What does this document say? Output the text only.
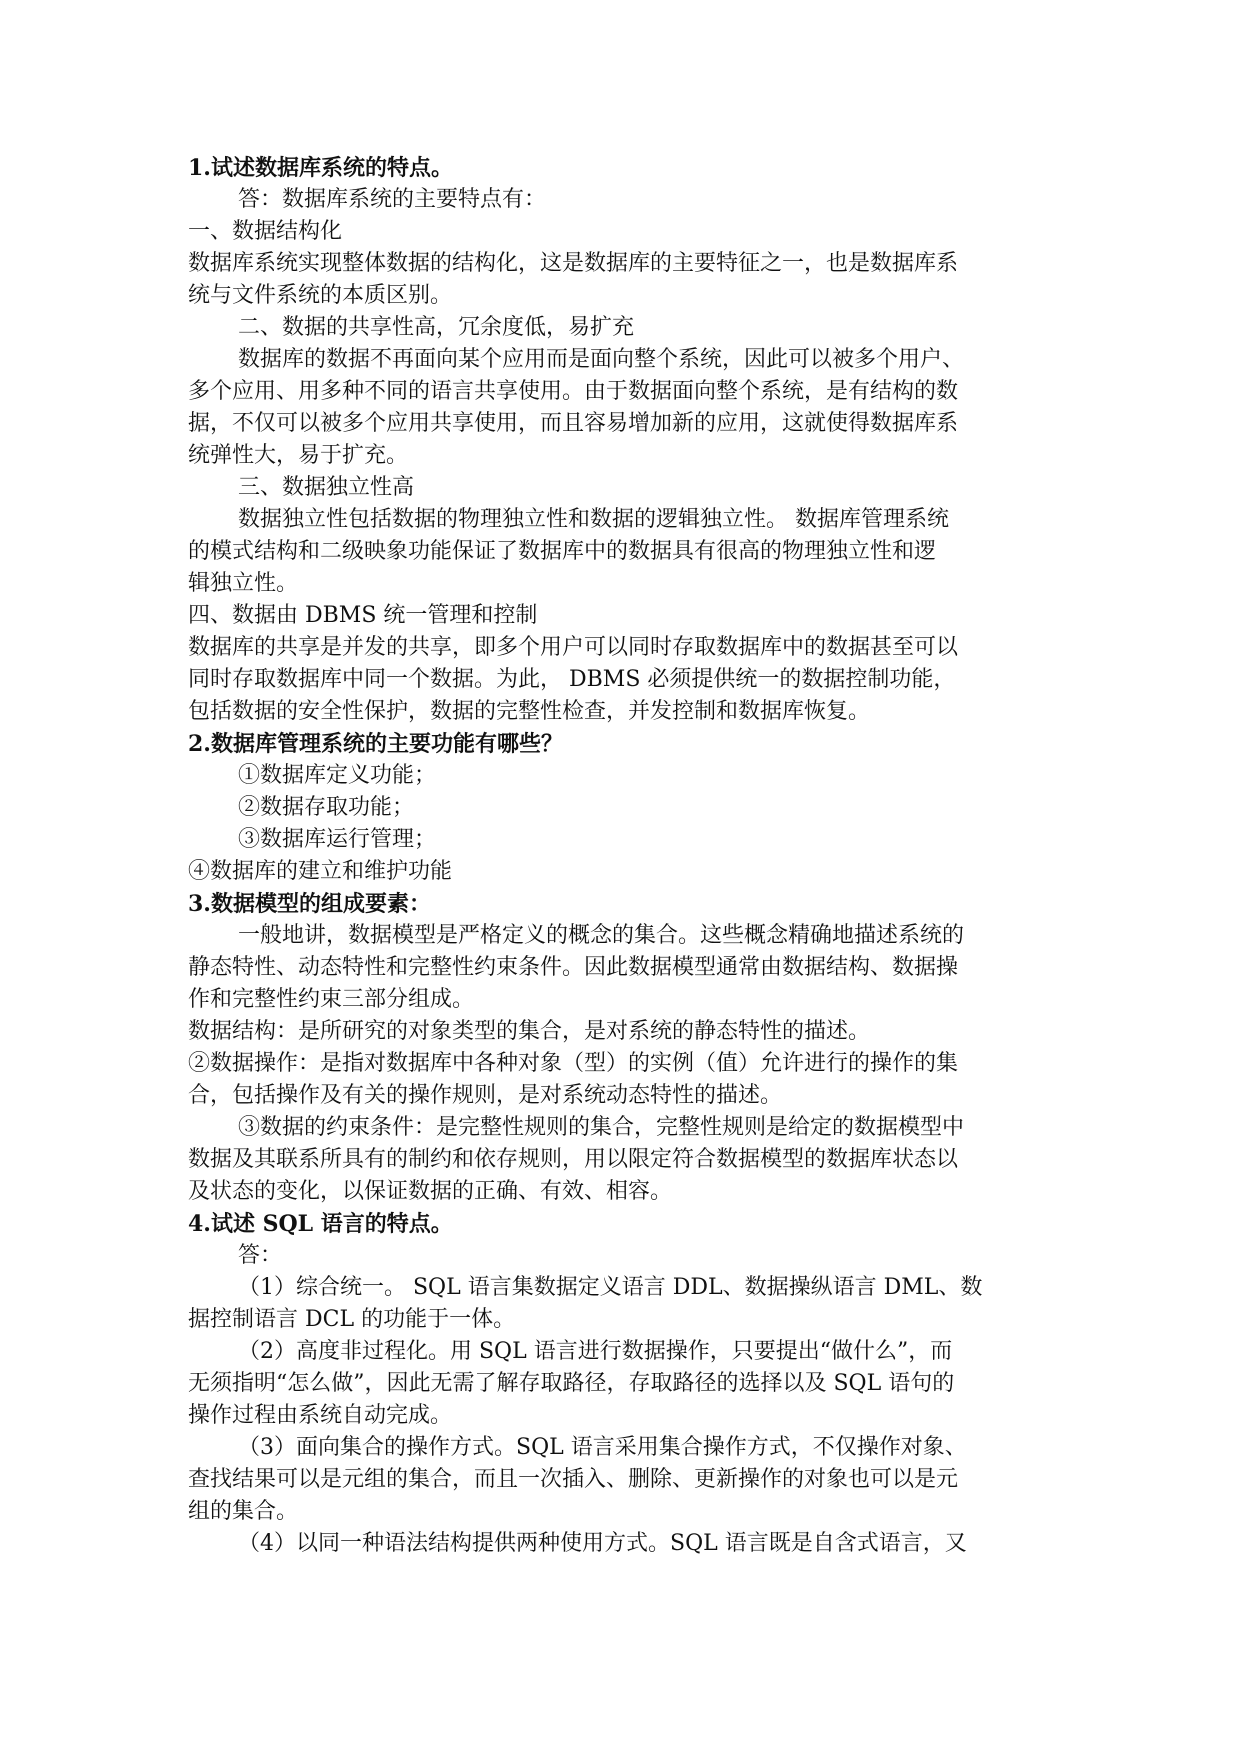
1.试述数据库系统的特点。
答：数据库系统的主要特点有：
一、数据结构化
数据库系统实现整体数据的结构化，这是数据库的主要特征之一，也是数据库系
统与文件系统的本质区别。
二、数据的共享性高，冗余度低，易扩充
数据库的数据不再面向某个应用而是面向整个系统，因此可以被多个用户、
多个应用、用多种不同的语言共享使用。由于数据面向整个系统，是有结构的数
据，不仅可以被多个应用共享使用，而且容易增加新的应用，这就使得数据库系
统弹性大，易于扩充。
三、数据独立性高
数据独立性包括数据的物理独立性和数据的逻辑独立性。 数据库管理系统
的模式结构和二级映象功能保证了数据库中的数据具有很高的物理独立性和逻
辑独立性。
四、数据由 DBMS 统一管理和控制
数据库的共享是并发的共享，即多个用户可以同时存取数据库中的数据甚至可以
同时存取数据库中同一个数据。为此， DBMS 必须提供统一的数据控制功能，
包括数据的安全性保护，数据的完整性检查，并发控制和数据库恢复。
2.数据库管理系统的主要功能有哪些？
①数据库定义功能；
②数据存取功能；
③数据库运行管理；
④数据库的建立和维护功能
3.数据模型的组成要素：
一般地讲，数据模型是严格定义的概念的集合。这些概念精确地描述系统的
静态特性、动态特性和完整性约束条件。因此数据模型通常由数据结构、数据操
作和完整性约束三部分组成。
数据结构：是所研究的对象类型的集合，是对系统的静态特性的描述。
②数据操作：是指对数据库中各种对象（型）的实例（值）允许进行的操作的集
合，包括操作及有关的操作规则，是对系统动态特性的描述。
③数据的约束条件：是完整性规则的集合，完整性规则是给定的数据模型中
数据及其联系所具有的制约和依存规则，用以限定符合数据模型的数据库状态以
及状态的变化，以保证数据的正确、有效、相容。
4.试述 SQL 语言的特点。
答：
（1）综合统一。 SQL 语言集数据定义语言 DDL、数据操纵语言 DML、数
据控制语言 DCL 的功能于一体。
（2）高度非过程化。用 SQL 语言进行数据操作，只要提出“做什么”，而
无须指明“怎么做”，因此无需了解存取路径，存取路径的选择以及 SQL 语句的
操作过程由系统自动完成。
（3）面向集合的操作方式。SQL 语言采用集合操作方式，不仅操作对象、
查找结果可以是元组的集合，而且一次插入、删除、更新操作的对象也可以是元
组的集合。
（4）以同一种语法结构提供两种使用方式。SQL 语言既是自含式语言，又
